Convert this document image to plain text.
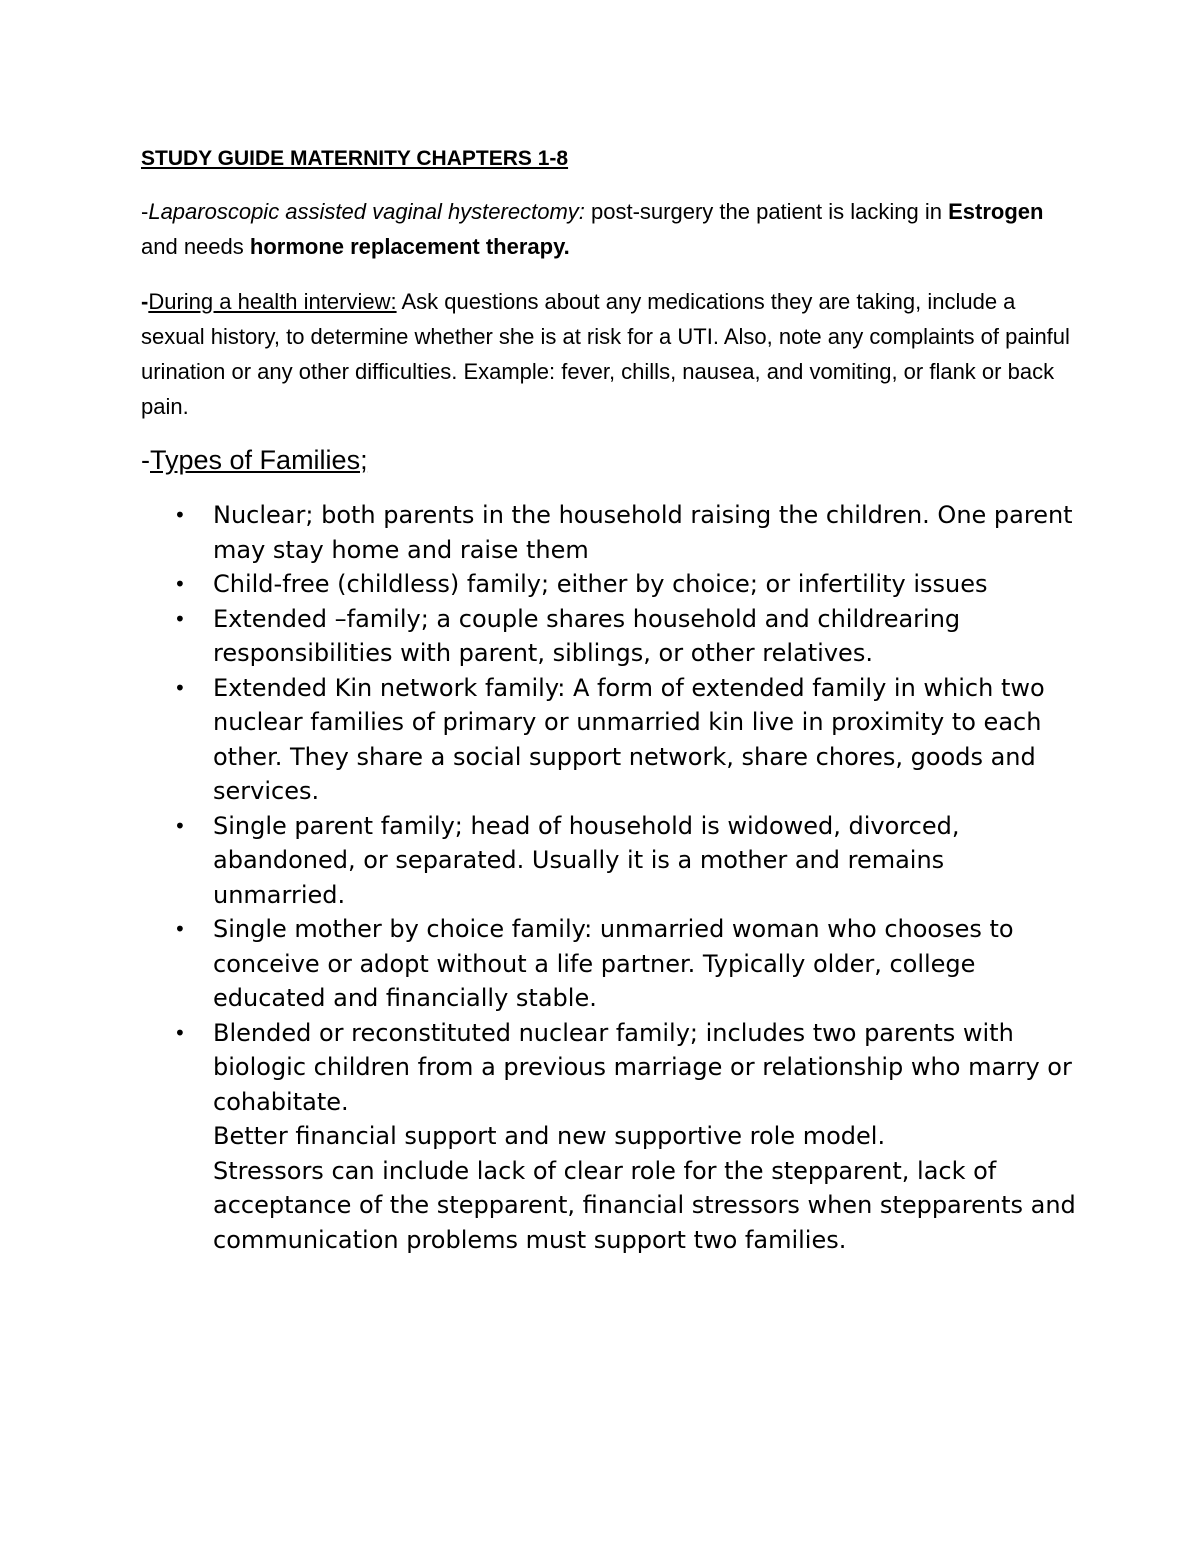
STUDY GUIDE MATERNITY CHAPTERS 1-8
-Laparoscopic assisted vaginal hysterectomy: post-surgery the patient is lacking in Estrogen and needs hormone replacement therapy.
-During a health interview: Ask questions about any medications they are taking, include a sexual history, to determine whether she is at risk for a UTI. Also, note any complaints of painful urination or any other difficulties. Example: fever, chills, nausea, and vomiting, or flank or back pain.
-Types of Families;
• Nuclear; both parents in the household raising the children. One parent may stay home and raise them
• Child-free (childless) family; either by choice; or infertility issues
• Extended –family; a couple shares household and childrearing responsibilities with parent, siblings, or other relatives.
• Extended Kin network family: A form of extended family in which two nuclear families of primary or unmarried kin live in proximity to each other. They share a social support network, share chores, goods and services.
• Single parent family; head of household is widowed, divorced, abandoned, or separated. Usually it is a mother and remains unmarried.
• Single mother by choice family: unmarried woman who chooses to conceive or adopt without a life partner. Typically older, college educated and financially stable.
• Blended or reconstituted nuclear family; includes two parents with biologic children from a previous marriage or relationship who marry or cohabitate.
Better financial support and new supportive role model.
Stressors can include lack of clear role for the stepparent, lack of acceptance of the stepparent, financial stressors when stepparents and communication problems must support two families.
